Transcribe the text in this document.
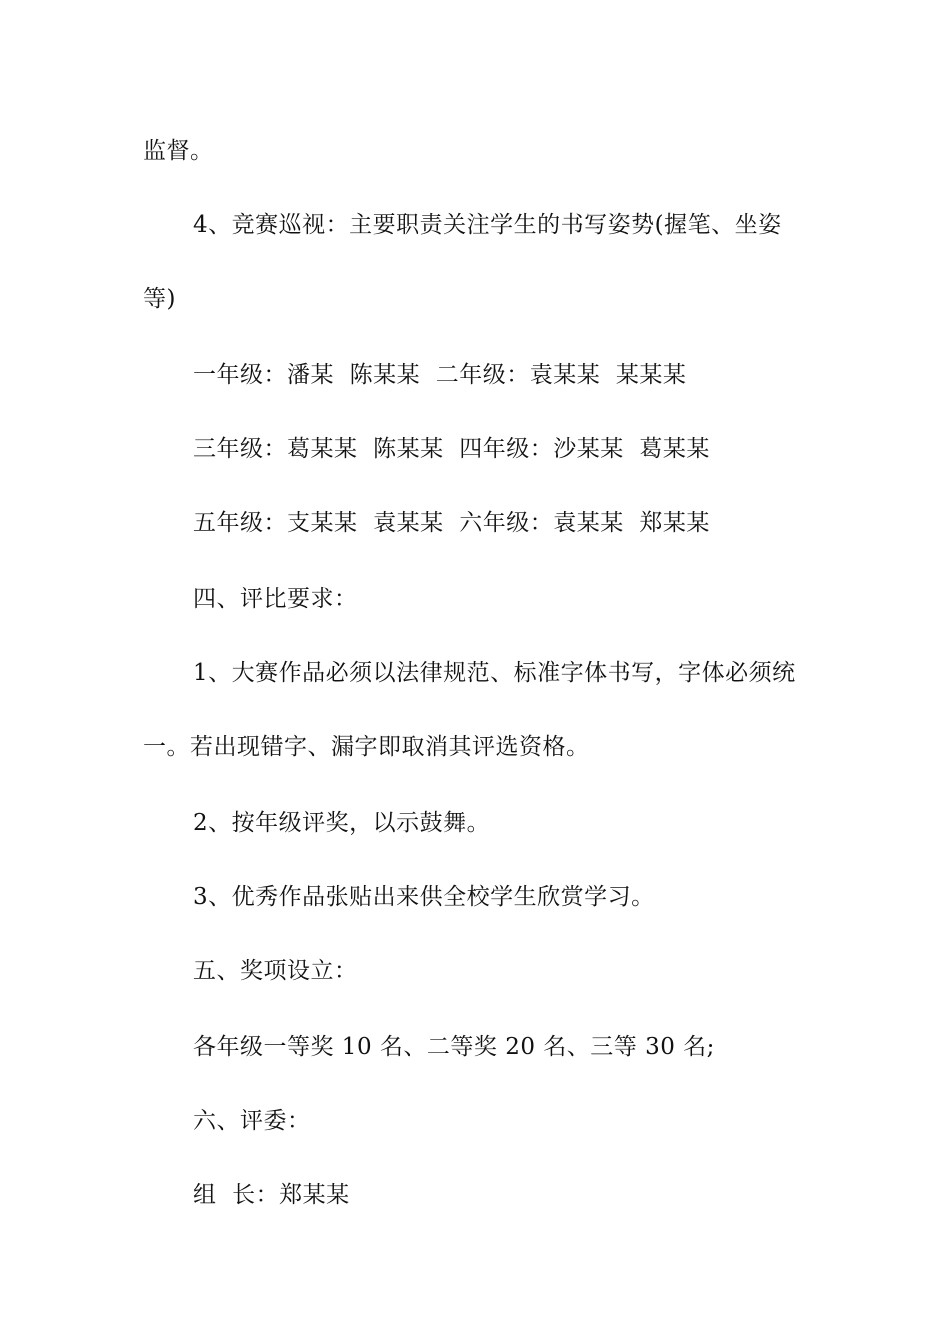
监督。
4、竞赛巡视：主要职责关注学生的书写姿势(握笔、坐姿
等)
一年级：潘某  陈某某  二年级：袁某某  某某某
三年级：葛某某  陈某某  四年级：沙某某  葛某某
五年级：支某某  袁某某  六年级：袁某某  郑某某
四、评比要求：
1、大赛作品必须以法律规范、标准字体书写，字体必须统
一。若出现错字、漏字即取消其评选资格。
2、按年级评奖，以示鼓舞。
3、优秀作品张贴出来供全校学生欣赏学习。
五、奖项设立：
各年级一等奖 10 名、二等奖 20 名、三等 30 名;
六、评委：
组  长：郑某某
